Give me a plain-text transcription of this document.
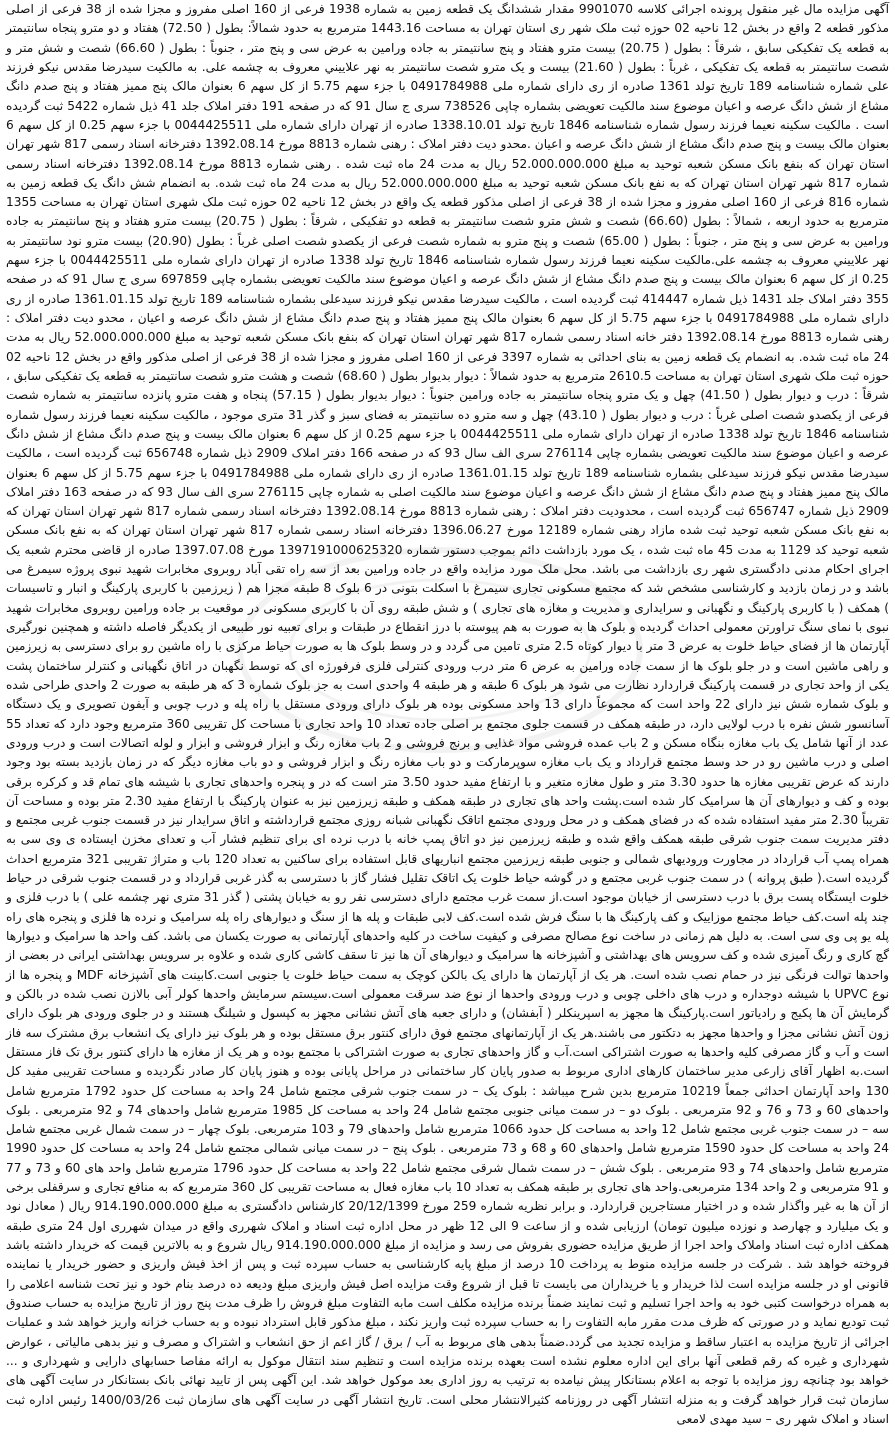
آگهی مزایده مال غیر منقول پرونده اجرائی کلاسه 9901070 مقدار ششدانگ یک قطعه زمین به شماره 1938 فرعی از 160 اصلی مفروز و مجزا شده از 38 فرعی از اصلی مذکور قطعه 2 واقع در بخش 12 ناحیه 02 حوزه ثبت ملک شهر ری استان تهران به مساحت 1443.16 مترمربع به حدود شمالاً: بطول ( 72.50) هفتاد و دو مترو پنجاه سانتیمتر به قطعه یک تفکیکی سابق ، شرقاً : بطول ( 20.75) بیست مترو هفتاد و پنج سانتیمتر به جاده ورامین به عرض سی و پنج متر ، جنوباً : بطول ( 66.60) شصت و شش متر و شصت سانتیمتر به قطعه یک تفکیکی ، غرباً : بطول ( 21.60) بیست و یک مترو شصت سانتیمتر به نهر علاییني معروف به چشمه علی. به مالکیت سیدرضا مقدس نیکو فرزند علی شماره شناسنامه 189 تاریخ تولد 1361 صادره از ری دارای شماره ملی 0491784988 با جزء سهم 5.75 از کل سهم 6 بعنوان مالک پنج ممیز هفتاد و پنج صدم دانگ مشاع از شش دانگ عرصه و اعیان موضوع سند مالکیت تعویضی بشماره چاپی 738526 سری ج سال 91 که در صفحه 191 دفتر املاک جلد 41 ذیل شماره 5422 ثبت گردیده است . مالکیت سکینه نعیما فرزند رسول شماره شناسنامه 1846 تاریخ تولد 1338.10.01 صادره از تهران دارای شماره ملی 0044425511 با جزء سهم 0.25 از کل سهم 6 بعنوان مالک بیست و پنج صدم دانگ مشاع از شش دانگ عرصه و اعیان .محدو دیت دفتر املاک : رهنی شماره 8813 مورخ 1392.08.14 دفترخانه اسناد رسمی 817 شهر تهران استان تهران که بنفع بانک مسکن شعبه توحید به مبلغ 52.000.000.000 ریال به مدت 24 ماه ثبت شده . رهنی شماره 8813 مورخ 1392.08.14 دفترخانه اسناد رسمی شماره 817 شهر تهران استان تهران که به نفع بانک مسکن شعبه توحید به مبلغ 52.000.000.000 ریال به مدت 24 ماه ثبت شده. به انضمام شش دانگ یک قطعه زمین به شماره 816 فرعی از 160 اصلی مفروز و مجزا شده از 38 فرعی از اصلی مذکور قطعه یک واقع در بخش 12 ناحیه 02 حوزه ثبت ملک شهری استان تهران به مساحت 1355 مترمربع به حدود اربعه ، شمالاً : بطول (66.60) شصت و شش مترو شصت سانتیمتر به قطعه دو تفکیکی ، شرقاً : بطول ( 20.75) بیست مترو هفتاد و پنج سانتیمتر به جاده ورامین به عرض سی و پنج متر ، جنوباً : بطول ( 65.00) شصت و پنج مترو به شماره شصت فرعی از یکصدو شصت اصلی غرباً : بطول (20.90) بیست مترو نود سانتیمتر به نهر علاییني معروف به چشمه علی.مالکیت سکینه نعیما فرزند رسول شماره شناسنامه 1846 تاریخ تولد 1338 صادره از تهران دارای شماره ملی 0044425511 با جزء سهم 0.25 از کل سهم 6 بعنوان مالک بیست و پنج صدم دانگ مشاع از شش دانگ عرصه و اعیان موضوع سند مالکیت تعویضی بشماره چاپی 697859 سری ج سال 91 که در صفحه 355 دفتر املاک جلد 1431 ذیل شماره 414447 ثبت گردیده است ، مالکیت سیدرضا مقدس نیکو فرزند سیدعلی بشماره شناسنامه 189 تاریخ تولد 1361.01.15 صادره از ری دارای شماره ملی 0491784988 با جزء سهم 5.75 از کل سهم 6 بعنوان مالک پنج ممیز هفتاد و پنج صدم دانگ مشاع از شش دانگ عرصه و اعیان ، محدو دیت دفتر املاک : رهنی شماره 8813 مورخ 1392.08.14 دفتر خانه اسناد رسمی شماره 817 شهر تهران استان تهران که بنفع بانک مسکن شعبه توحید به مبلغ 52.000.000.000 ریال به مدت 24 ماه ثبت شده. به انضمام یک قطعه زمین به بنای احداثی به شماره 3397 فرعی از 160 اصلی مفروز و مجزا شده از 38 فرعی از اصلی مذکور واقع در بخش 12 ناحیه 02 حوزه ثبت ملک شهری استان تهران به مساحت 2610.5 مترمربع به حدود شمالاً : دیوار بدیوار بطول ( 68.60) شصت و هشت مترو شصت سانتیمتر به قطعه یک تفکیکی سابق ، شرقاً : درب و دیوار بطول ( 41.50) چهل و یک مترو پنجاه سانتیمتر به جاده ورامین جنوباً : دیوار بدیوار بطول ( 57.15) پنجاه و هفت مترو پانزده سانتیمتر به شماره شصت فرعی از یکصدو شصت اصلی غرباً : درب و دیوار بطول ( 43.10) چهل و سه مترو ده سانتیمتر به فضای سبز و گذر 31 متری موجود ، مالکیت سکینه نعیما فرزند رسول شماره شناسنامه 1846 تاریخ تولد 1338 صادره از تهران دارای شماره ملی 0044425511 با جزء سهم 0.25 از کل سهم 6 بعنوان مالک بیست و پنج صدم دانگ مشاع از شش دانگ عرصه و اعیان موضوع سند مالکیت تعویضی بشماره چاپی 276114 سری الف سال 93 که در صفحه 166 دفتر املاک 2909 ذیل شماره 656748 ثبت گردیده است ، مالکیت سیدرضا مقدس نیکو فرزند سیدعلی بشماره شناسنامه 189 تاریخ تولد 1361.01.15 صادره از ری دارای شماره ملی 0491784988 با جزء سهم 5.75 از کل سهم 6 بعنوان مالک پنج ممیز هفتاد و پنج صدم دانگ مشاع از شش دانگ عرصه و اعیان موضوع سند مالکیت اصلی به شماره چاپی 276115 سری الف سال 93 که در صفحه 163 دفتر املاک 2909 ذیل شماره 656747 ثبت گردیده است ، محدودیت دفتر املاک : رهنی شماره 8813 مورخ 1392.08.14 دفترخانه اسناد رسمی شماره 817 شهر تهران استان تهران که به نفع بانک مسکن شعبه توحید ثبت شده مازاد رهنی شماره 12189 مورخ 1396.06.27 دفترخانه اسناد رسمی شماره 817 شهر تهران استان تهران که به نفع بانک مسکن شعبه توحید کد 1129 به مدت 45 ماه ثبت شده ، یک مورد بازداشت دائم بموجب دستور شماره 1397191000625320 مورخ 1397.07.08 صادره از قاضی محترم شعبه یک اجرای احکام مدنی دادگستری شهر ری بازداشت می باشد. محل ملک مورد مزایده واقع در جاده ورامین بعد از سه راه تقی آباد روبروی مخابرات شهید نبوی پروژه سیمرغ می باشد و در زمان بازدید و کارشناسی مشخص شد که مجتمع مسکونی تجاری سیمرغ با اسکلت بتونی در 6 بلوک 8 طبقه مجزا هم ( زیرزمین با کاربری پارکینگ و انبار و تاسیسات ) همکف ( با کاربری پارکینگ و نگهبانی و سرایداری و مدیریت و مغازه های تجاری ) و شش طبقه روی آن با کاربری مسکونی در موقعیت بر جاده ورامین روبروی مخابرات شهید نبوی با نمای سنگ تراورتن معمولی احداث گردیده و بلوک ها به صورت به هم پیوسته با درز انقطاع در طبقات و برای تعبیه نور طبیعی از یکدیگر فاصله داشته و همچنین نورگیری آپارتمان ها از فضای حیاط خلوت به عرض 3 متر با دیوار کوتاه 2.5 متری تامین می گردد و در وسط بلوک ها به صورت حیاط مرکزی با راه ماشین رو برای دسترسی به زیرزمین و راهی ماشین است و در جلو بلوک ها از سمت جاده ورامین به عرض 6 متر درب ورودی کنترلی فلزی فرفورژه ای که توسط نگهبان در اتاق نگهبانی و کنترلر ساختمان پشت یکی از واحد تجاری در قسمت پارکینگ قراردارد نظارت می شود هر بلوک 6 طبقه و هر طبقه 4 واحدی است به جز بلوک شماره 3 که هر طبقه به صورت 2 واحدی طراحی شده و بلوک شماره شش نیز دارای 22 واحد است که مجموعاً دارای 13 واحد مسکونی بوده هر بلوک دارای ورودی مستقل با راه پله و درب چوبی و آیفون تصویری و یک دستگاه آسانسور شش نفره با درب لولایی دارد، در طبقه همکف در قسمت جلوی مجتمع بر اصلی جاده تعداد 10 واحد تجاری با مساحت کل تقریبی 360 مترمربع وجود دارد که تعداد 55 عدد از آنها شامل یک باب مغازه بنگاه مسکن و 2 باب عمده فروشی مواد غذایی و برنج فروشی و 2 باب مغازه رنگ و ابزار فروشی و ابزار و لوله اتصالات است و درب ورودی اصلی و درب ماشین رو در حد وسط مجتمع قرارداد و یک باب مغازه سوپرمارکت و دو باب مغازه رنگ و ابزار فروشی و دو باب مغازه دیگر که در زمان بازدید بسته بود وجود دارند که عرض تقریبی مغازه ها حدود 3.30 متر و طول مغازه متغیر و با ارتفاع مفید حدود 3.50 متر است که در و پنجره واحدهای تجاری با شیشه های تمام قد و کرکره برقی بوده و کف و دیوارهای آن ها سرامیک کار شده است.پشت واحد های تجاری در طبقه همکف و طبقه زیرزمین نیز به عنوان پارکینگ با ارتفاع مفید 2.30 متر بوده و مساحت آن تقریباً 2.30 متر مفید استفاده شده که در فضای همکف و در محل ورودی مجتمع اتاقک نگهبانی شبانه روزی مجتمع قرارداشته و اتاق سرایدار نیز در قسمت جنوب غربی مجتمع و دفتر مدیریت سمت جنوب شرقی طبقه همکف واقع شده و طبقه زیرزمین نیز دو اتاق پمپ خانه با درب نرده ای برای تنظیم فشار آب و تعدای مخزن ایستاده ی وی سی به همراه پمپ آب قرارداد در مجاورت ورودیهای شمالی و جنوبی طبقه زیرزمین مجتمع انباریهای قابل استفاده برای ساکنین به تعداد 120 باب و متراژ تقریبی 321 مترمربع احداث گردیده است.( طبق پروانه ) در سمت جنوب غربی مجتمع و در گوشه حیاط خلوت یک اتاقک تقلیل فشار گاز با دسترسی به گذر غربی قرارداد و در قسمت جنوب شرقی در حیاط خلوت ایستگاه پست برق با درب دسترسی از خیابان موجود است.از سمت غرب مجتمع دارای دسترسی نفر رو به خیابان پشتی ( گذر 31 متری نهر چشمه علی ) با درب فلزی و چند پله است.کف حیاط مجتمع موزاییک و کف پارکینگ ها با سنگ فرش شده است.کف لابی طبقات و پله ها از سنگ و دیوارهای راه پله سرامیک و نرده ها فلزی و پنجره های راه پله یو پی وی سی است. به دلیل هم زمانی در ساخت نوع مصالح مصرفی و کیفیت ساخت در کلیه واحدهای آپارتمانی به صورت یکسان می باشد. کف واحد ها سرامیک و دیوارها گچ کاری و رنگ آمیزی شده و کف سرویس های بهداشتی و آشپزخانه ها سرامیک و دیوارهای آن ها نیز تا سقف کاشی کاری شده و علاوه بر سرویس بهداشتی ایرانی در بعضی از واحدها توالت فرنگی نیز در حمام نصب شده است. هر یک از آپارتمان ها دارای یک بالکن کوچک به سمت حیاط خلوت یا جنوبی است.کابینت های آشپزخانه MDF و پنجره ها از نوع UPVC با شیشه دوجداره و درب های داخلی چوبی و درب ورودی واحدها از نوع ضد سرقت معمولی است.سیستم سرمایش واحدها کولر آبی بالازن نصب شده در بالکن و گرمایش آن ها پکیج و رادیاتور است.پارکینگ ها مجهز به اسپرینکلر ( آبفشان) و دارای جعبه های آتش نشانی مجهز به کپسول و شیلنگ هستند و در جلوی ورودی هر بلوک دارای زون آتش نشانی مجزا و واحدها مجهز به دتکتور می باشند.هر یک از آپارتمانهای مجتمع فوق دارای کنتور برق مستقل بوده و هر بلوک نیز دارای یک انشعاب برق مشترک سه فاز است و آب و گاز مصرفی کلیه واحدها به صورت اشتراکی است.آب و گاز واحدهای تجاری به صورت اشتراکی با مجتمع بوده و هر یک از مغازه ها دارای کنتور برق تک فاز مستقل است.به اظهار آقای زارعی مدیر ساختمان کارهای اداری مربوط به صدور پایان کار ساختمانی در مراحل پایانی بوده و هنوز پایان کار صادر نگردیده و مساحت تقریبی مفید کل 130 واحد آپارتمان احداثی جمعاً 10219 مترمربع بدین شرح میباشد : بلوک یک – در سمت جنوب شرقی مجتمع شامل 24 واحد به مساحت کل حدود 1792 مترمربع شامل واحدهای 60 و 73 و 76 و 92 مترمربعی . بلوک دو – در سمت میانی جنوبی مجتمع شامل 24 واحد به مساحت کل 1985 مترمربع شامل واحدهای 74 و 92 مترمربعی . بلوک سه – در سمت جنوب غربی مجتمع شامل 12 واحد به مساحت کل حدود 1066 مترمربع شامل واحدهای 79 و 103 مترمربعی. بلوک چهار – در سمت شمال غربی مجتمع شامل 24 واحد به مساحت کل حدود 1590 مترمربع شامل واحدهای 60 و 68 و 73 مترمربعی . بلوک پنج – در سمت میانی شمالی مجتمع شامل 24 واحد به مساحت کل حدود 1990 مترمربع شامل واحدهای 74 و 93 مترمربعی . بلوک شش – در سمت شمال شرقی مجتمع شامل 22 واحد به مساحت کل حدود 1796 مترمربع شامل واحد های 60 و 73 و 77 و 91 مترمربعی و 2 واحد 134 مترمربعی.واحد های تجاری بر طبقه همکف به تعداد 10 باب مغازه فعال به مساحت تقریبی کل 360 مترمربع که به منافع تجاری و سرقفلی برخی از آن ها به غیر واگذار شده و در اختیار مستاجرین قراردارد. و برابر نظریه شماره 259 مورخ 20/12/1399 کارشناس دادگستری به مبلغ 914.190.000.000 ریال ( معادل نود و یک میلیارد و چهارصد و نوزده میلیون تومان) ارزیابی شده و از ساعت 9 الی 12 ظهر در محل اداره ثبت اسناد و املاک شهرری واقع در میدان شهرری اول 24 متری طبقه همکف اداره ثبت اسناد واملاک واحد اجرا از طریق مزایده حضوری بفروش می رسد و مزایده از مبلغ 914.190.000.000 ریال شروع و به بالاترین قیمت که خریدار داشته باشد فروخته خواهد شد . شرکت در جلسه مزایده منوط به پرداخت 10 درصد از مبلغ پایه کارشناسی به حساب سپرده ثبت و پس از اخذ فیش واریزی و حضور خریدار یا نماینده قانونی او در جلسه مزایده است لذا خریدار و یا خریداران می بایست تا قبل از شروع وقت مزایده اصل فیش واریزی مبلغ ودیعه ده درصد بنام خود و نیز تحت شناسه اعلامی را به همراه درخواست کتبی خود به واحد اجرا تسلیم و ثبت نمایند ضمناً برنده مزایده مکلف است مابه التفاوت مبلغ فروش را ظرف مدت پنج روز از تاریخ مزایده به حساب صندوق ثبت تودیع نماید و در صورتی که ظرف مدت مقرر مابه التفاوت را به حساب سپرده ثبت واریز نکند ، مبلغ مذکور قابل استرداد نبوده و به حساب خزانه واریز خواهد شد و عملیات اجرائی از تاریخ مزایده به اعتبار ساقط و مزایده تجدید می گردد.ضمناً بدهی های مربوط به آب / برق / گاز اعم از حق انشعاب و اشتراک و مصرف و نیز بدهی مالیاتی ، عوارض شهرداری و غیره که رقم قطعی آنها برای این اداره معلوم نشده است بعهده برنده مزایده است و تنظیم سند انتقال موکول به ارائه مفاصا حسابهای دارایی و شهرداری و ... خواهد بود چنانچه روز مزایده با توجه به اعلام بستانکار پیش نیامده به ترتیب به روز اداری بعد موکول خواهد شد. این آگهی پس از تایید نهائی بانک بستانکار در سایت آگهی های سازمان ثبت قرار خواهد گرفت و به منزله انتشار آگهی در روزنامه کثیرالانتشار محلی است. تاریخ انتشار آگهی در سایت آگهی های سازمان ثبت 1400/03/26 رئیس اداره ثبت اسناد و املاک شهر ری – سید مهدی لامعی
